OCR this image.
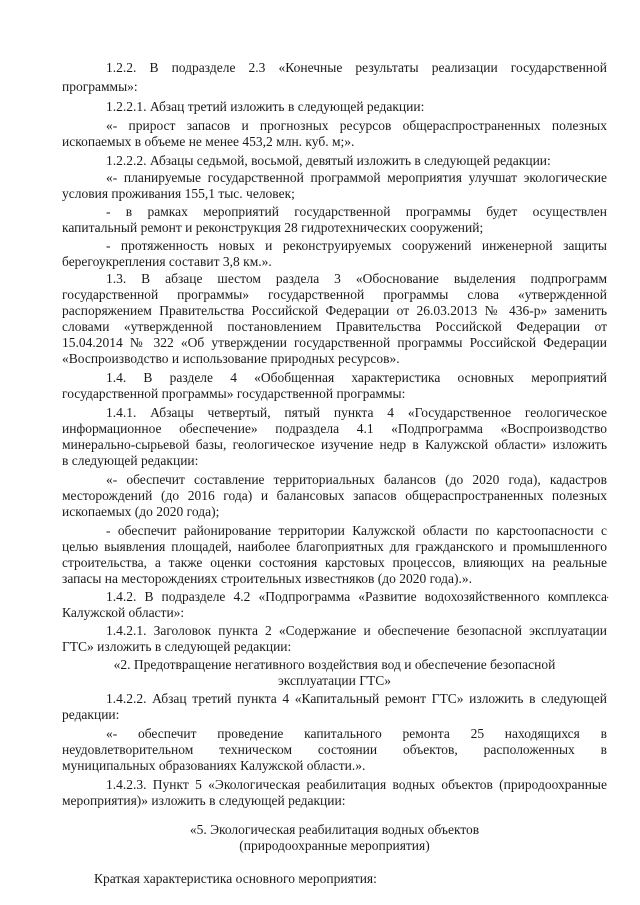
1.2.2. В подразделе 2.3 «Конечные результаты реализации государственной
программы»:
1.2.2.1. Абзац третий изложить в следующей редакции:
«- прирост запасов и прогнозных ресурсов общераспространенных полезных
ископаемых в объеме не менее 453,2 млн. куб. м;».
1.2.2.2. Абзацы седьмой, восьмой, девятый изложить в следующей редакции:
«- планируемые государственной программой мероприятия улучшат экологические
условия проживания 155,1 тыс. человек;
- в рамках мероприятий государственной программы будет осуществлен
капитальный ремонт и реконструкция 28 гидротехнических сооружений;
- протяженность новых и реконструируемых сооружений инженерной защиты
берегоукрепления составит 3,8 км.».
1.3. В абзаце шестом раздела 3 «Обоснование выделения подпрограмм
государственной программы» государственной программы слова «утвержденной
распоряжением Правительства Российской Федерации от 26.03.2013 № 436-р» заменить
словами «утвержденной постановлением Правительства Российской Федерации от
15.04.2014 № 322 «Об утверждении государственной программы Российской Федерации
«Воспроизводство и использование природных ресурсов».
1.4. В разделе 4 «Обобщенная характеристика основных мероприятий
государственной программы» государственной программы:
1.4.1. Абзацы четвертый, пятый пункта 4 «Государственное геологическое
информационное обеспечение» подраздела 4.1 «Подпрограмма «Воспроизводство
минерально-сырьевой базы, геологическое изучение недр в Калужской области» изложить
в следующей редакции:
«- обеспечит составление территориальных балансов (до 2020 года), кадастров
месторождений (до 2016 года) и балансовых запасов общераспространенных полезных
ископаемых (до 2020 года);
- обеспечит районирование территории Калужской области по карстоопасности с
целью выявления площадей, наиболее благоприятных для гражданского и промышленного
строительства, а также оценки состояния карстовых процессов, влияющих на реальные
запасы на месторождениях строительных известняков (до 2020 года).».
1.4.2. В подразделе 4.2 «Подпрограмма «Развитие водохозяйственного комплекса
Калужской области»:
1.4.2.1. Заголовок пункта 2 «Содержание и обеспечение безопасной эксплуатации
ГТС» изложить в следующей редакции:
«2. Предотвращение негативного воздействия вод и обеспечение безопасной
эксплуатации ГТС»
1.4.2.2. Абзац третий пункта 4 «Капитальный ремонт ГТС» изложить в следующей
редакции:
«- обеспечит проведение капитального ремонта 25 находящихся в
неудовлетворительном техническом состоянии объектов, расположенных в
муниципальных образованиях Калужской области.».
1.4.2.3. Пункт 5 «Экологическая реабилитация водных объектов (природоохранные
мероприятия)» изложить в следующей редакции:
«5. Экологическая реабилитация водных объектов
(природоохранные мероприятия)
Краткая характеристика основного мероприятия:
·
